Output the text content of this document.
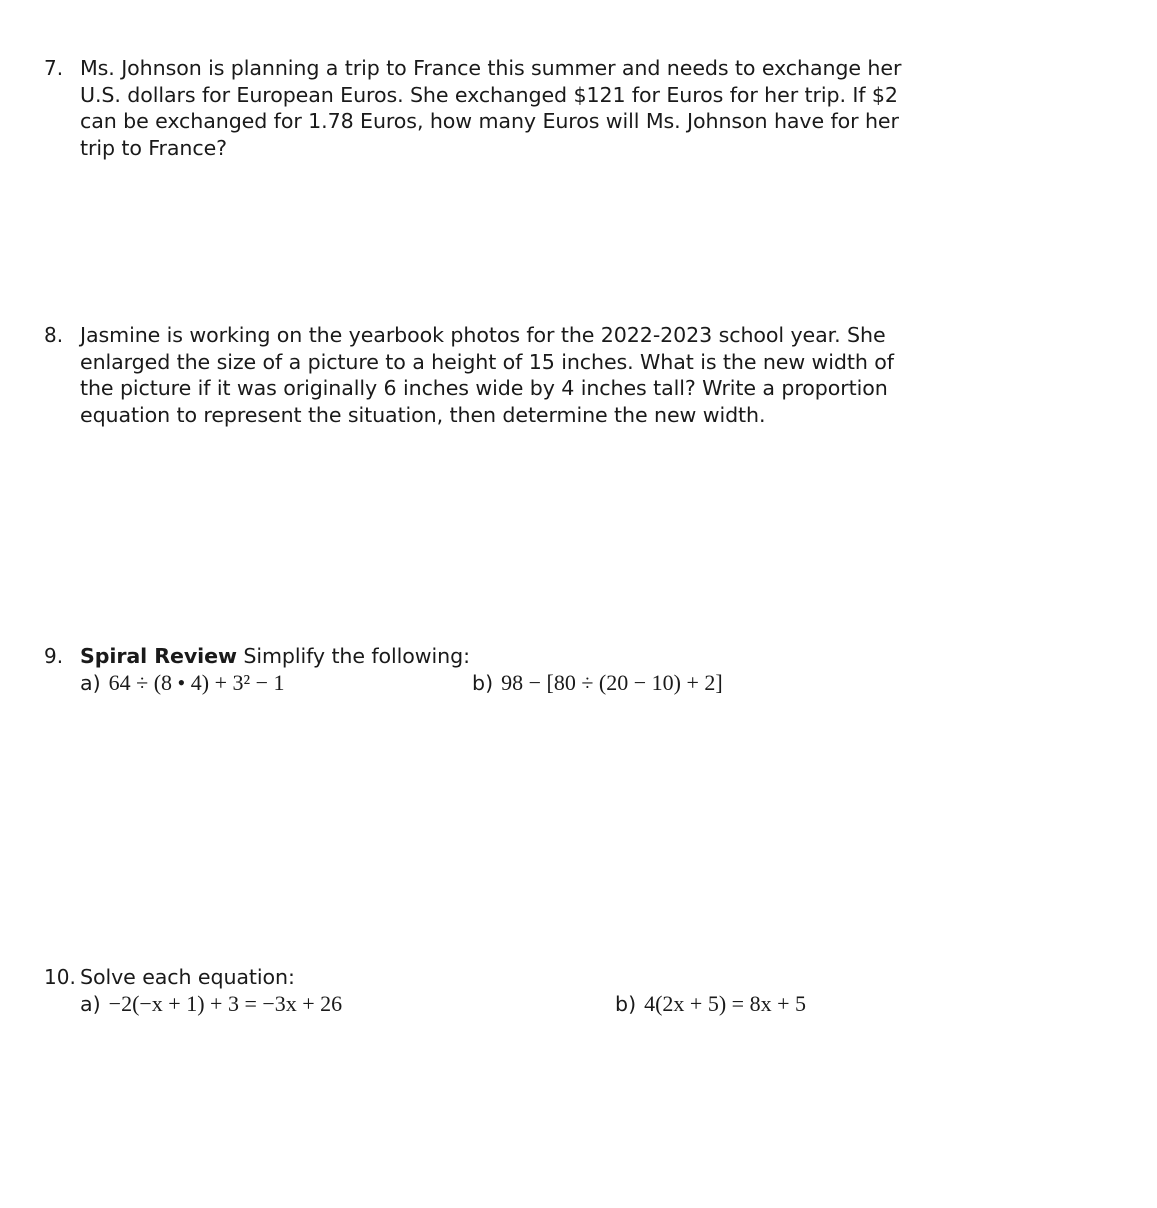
7. Ms. Johnson is planning a trip to France this summer and needs to exchange her
U.S. dollars for European Euros. She exchanged $121 for Euros for her trip. If $2
can be exchanged for 1.78 Euros, how many Euros will Ms. Johnson have for her
trip to France?
8. Jasmine is working on the yearbook photos for the 2022-2023 school year. She
enlarged the size of a picture to a height of 15 inches. What is the new width of
the picture if it was originally 6 inches wide by 4 inches tall? Write a proportion
equation to represent the situation, then determine the new width.
9. Spiral Review Simplify the following:
a) 64 ÷ (8 • 4) + 3² − 1	b) 98 − [80 ÷ (20 − 10) + 2]
10. Solve each equation:
a) −2(−x + 1) + 3 = −3x + 26	b) 4(2x + 5) = 8x + 5
